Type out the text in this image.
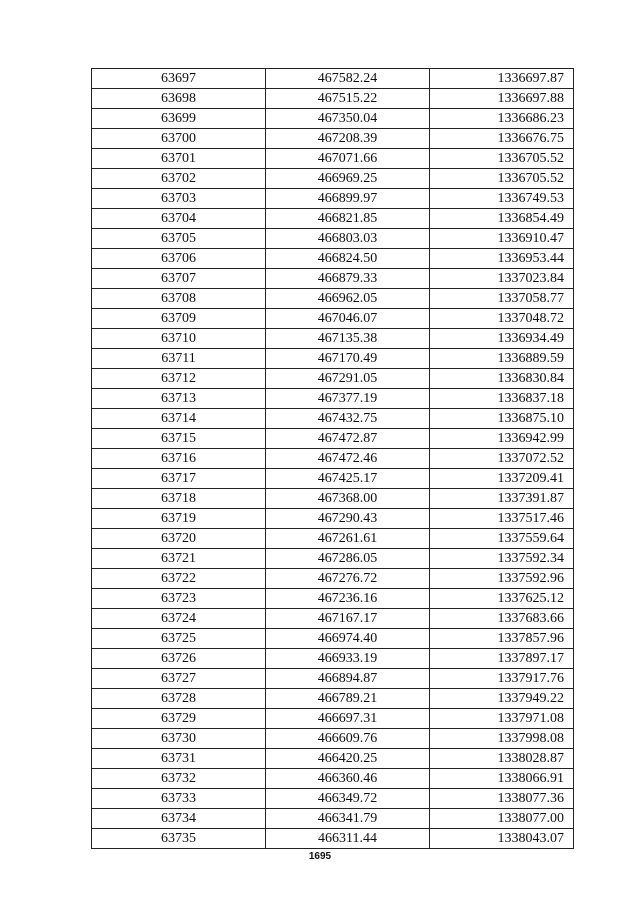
63697	467582.24	1336697.87
63698	467515.22	1336697.88
63699	467350.04	1336686.23
63700	467208.39	1336676.75
63701	467071.66	1336705.52
63702	466969.25	1336705.52
63703	466899.97	1336749.53
63704	466821.85	1336854.49
63705	466803.03	1336910.47
63706	466824.50	1336953.44
63707	466879.33	1337023.84
63708	466962.05	1337058.77
63709	467046.07	1337048.72
63710	467135.38	1336934.49
63711	467170.49	1336889.59
63712	467291.05	1336830.84
63713	467377.19	1336837.18
63714	467432.75	1336875.10
63715	467472.87	1336942.99
63716	467472.46	1337072.52
63717	467425.17	1337209.41
63718	467368.00	1337391.87
63719	467290.43	1337517.46
63720	467261.61	1337559.64
63721	467286.05	1337592.34
63722	467276.72	1337592.96
63723	467236.16	1337625.12
63724	467167.17	1337683.66
63725	466974.40	1337857.96
63726	466933.19	1337897.17
63727	466894.87	1337917.76
63728	466789.21	1337949.22
63729	466697.31	1337971.08
63730	466609.76	1337998.08
63731	466420.25	1338028.87
63732	466360.46	1338066.91
63733	466349.72	1338077.36
63734	466341.79	1338077.00
63735	466311.44	1338043.07
1695
